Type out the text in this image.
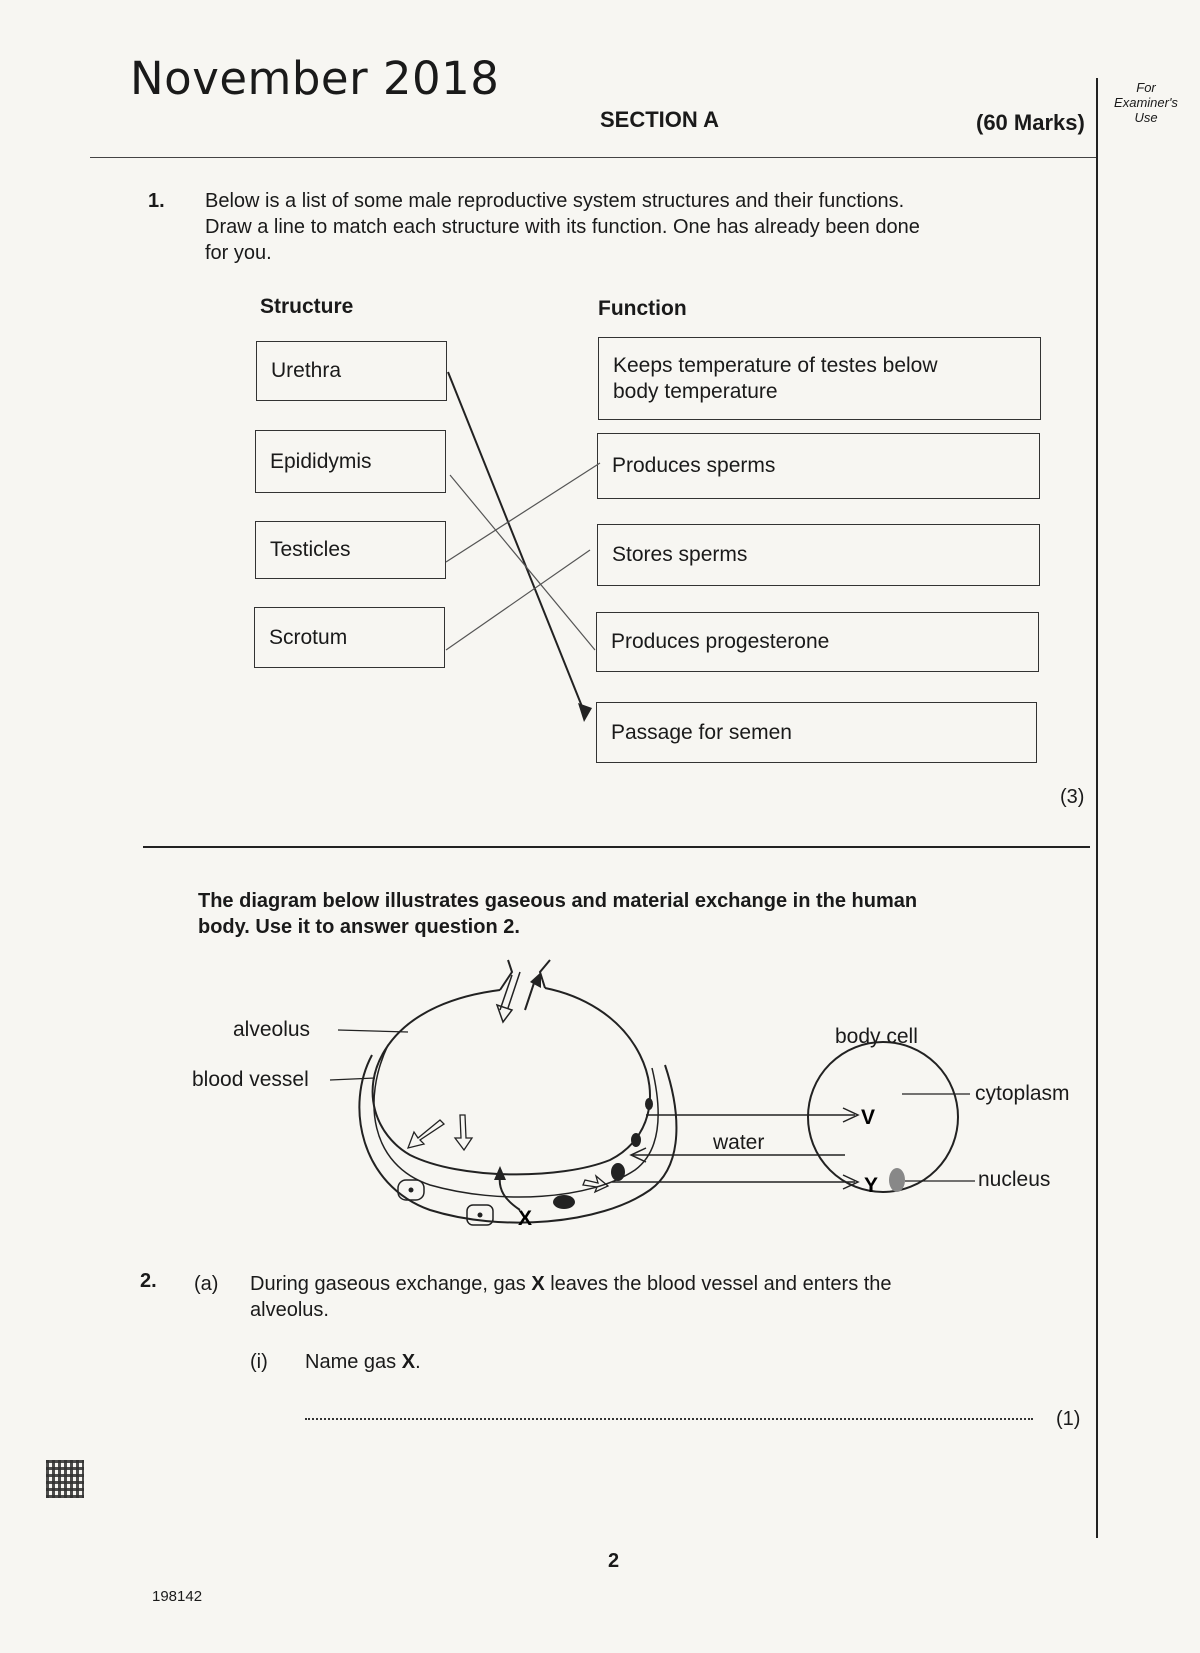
November 2018
SECTION A	(60 Marks)
For
Examiner's
Use
1. Below is a list of some male reproductive system structures and their functions.
Draw a line to match each structure with its function. One has already been done
for you.
Structure	Function
Urethra
Epididymis
Testicles
Scrotum
Keeps temperature of testes below
body temperature
Produces sperms
Stores sperms
Produces progesterone
Passage for semen
(3)
The diagram below illustrates gaseous and material exchange in the human
body. Use it to answer question 2.
X
V
Y
alveolus
blood vessel
body cell
cytoplasm
nucleus
water
2. (a) During gaseous exchange, gas X leaves the blood vessel and enters the
alveolus.
(i) Name gas X.
(1)
2
198142
